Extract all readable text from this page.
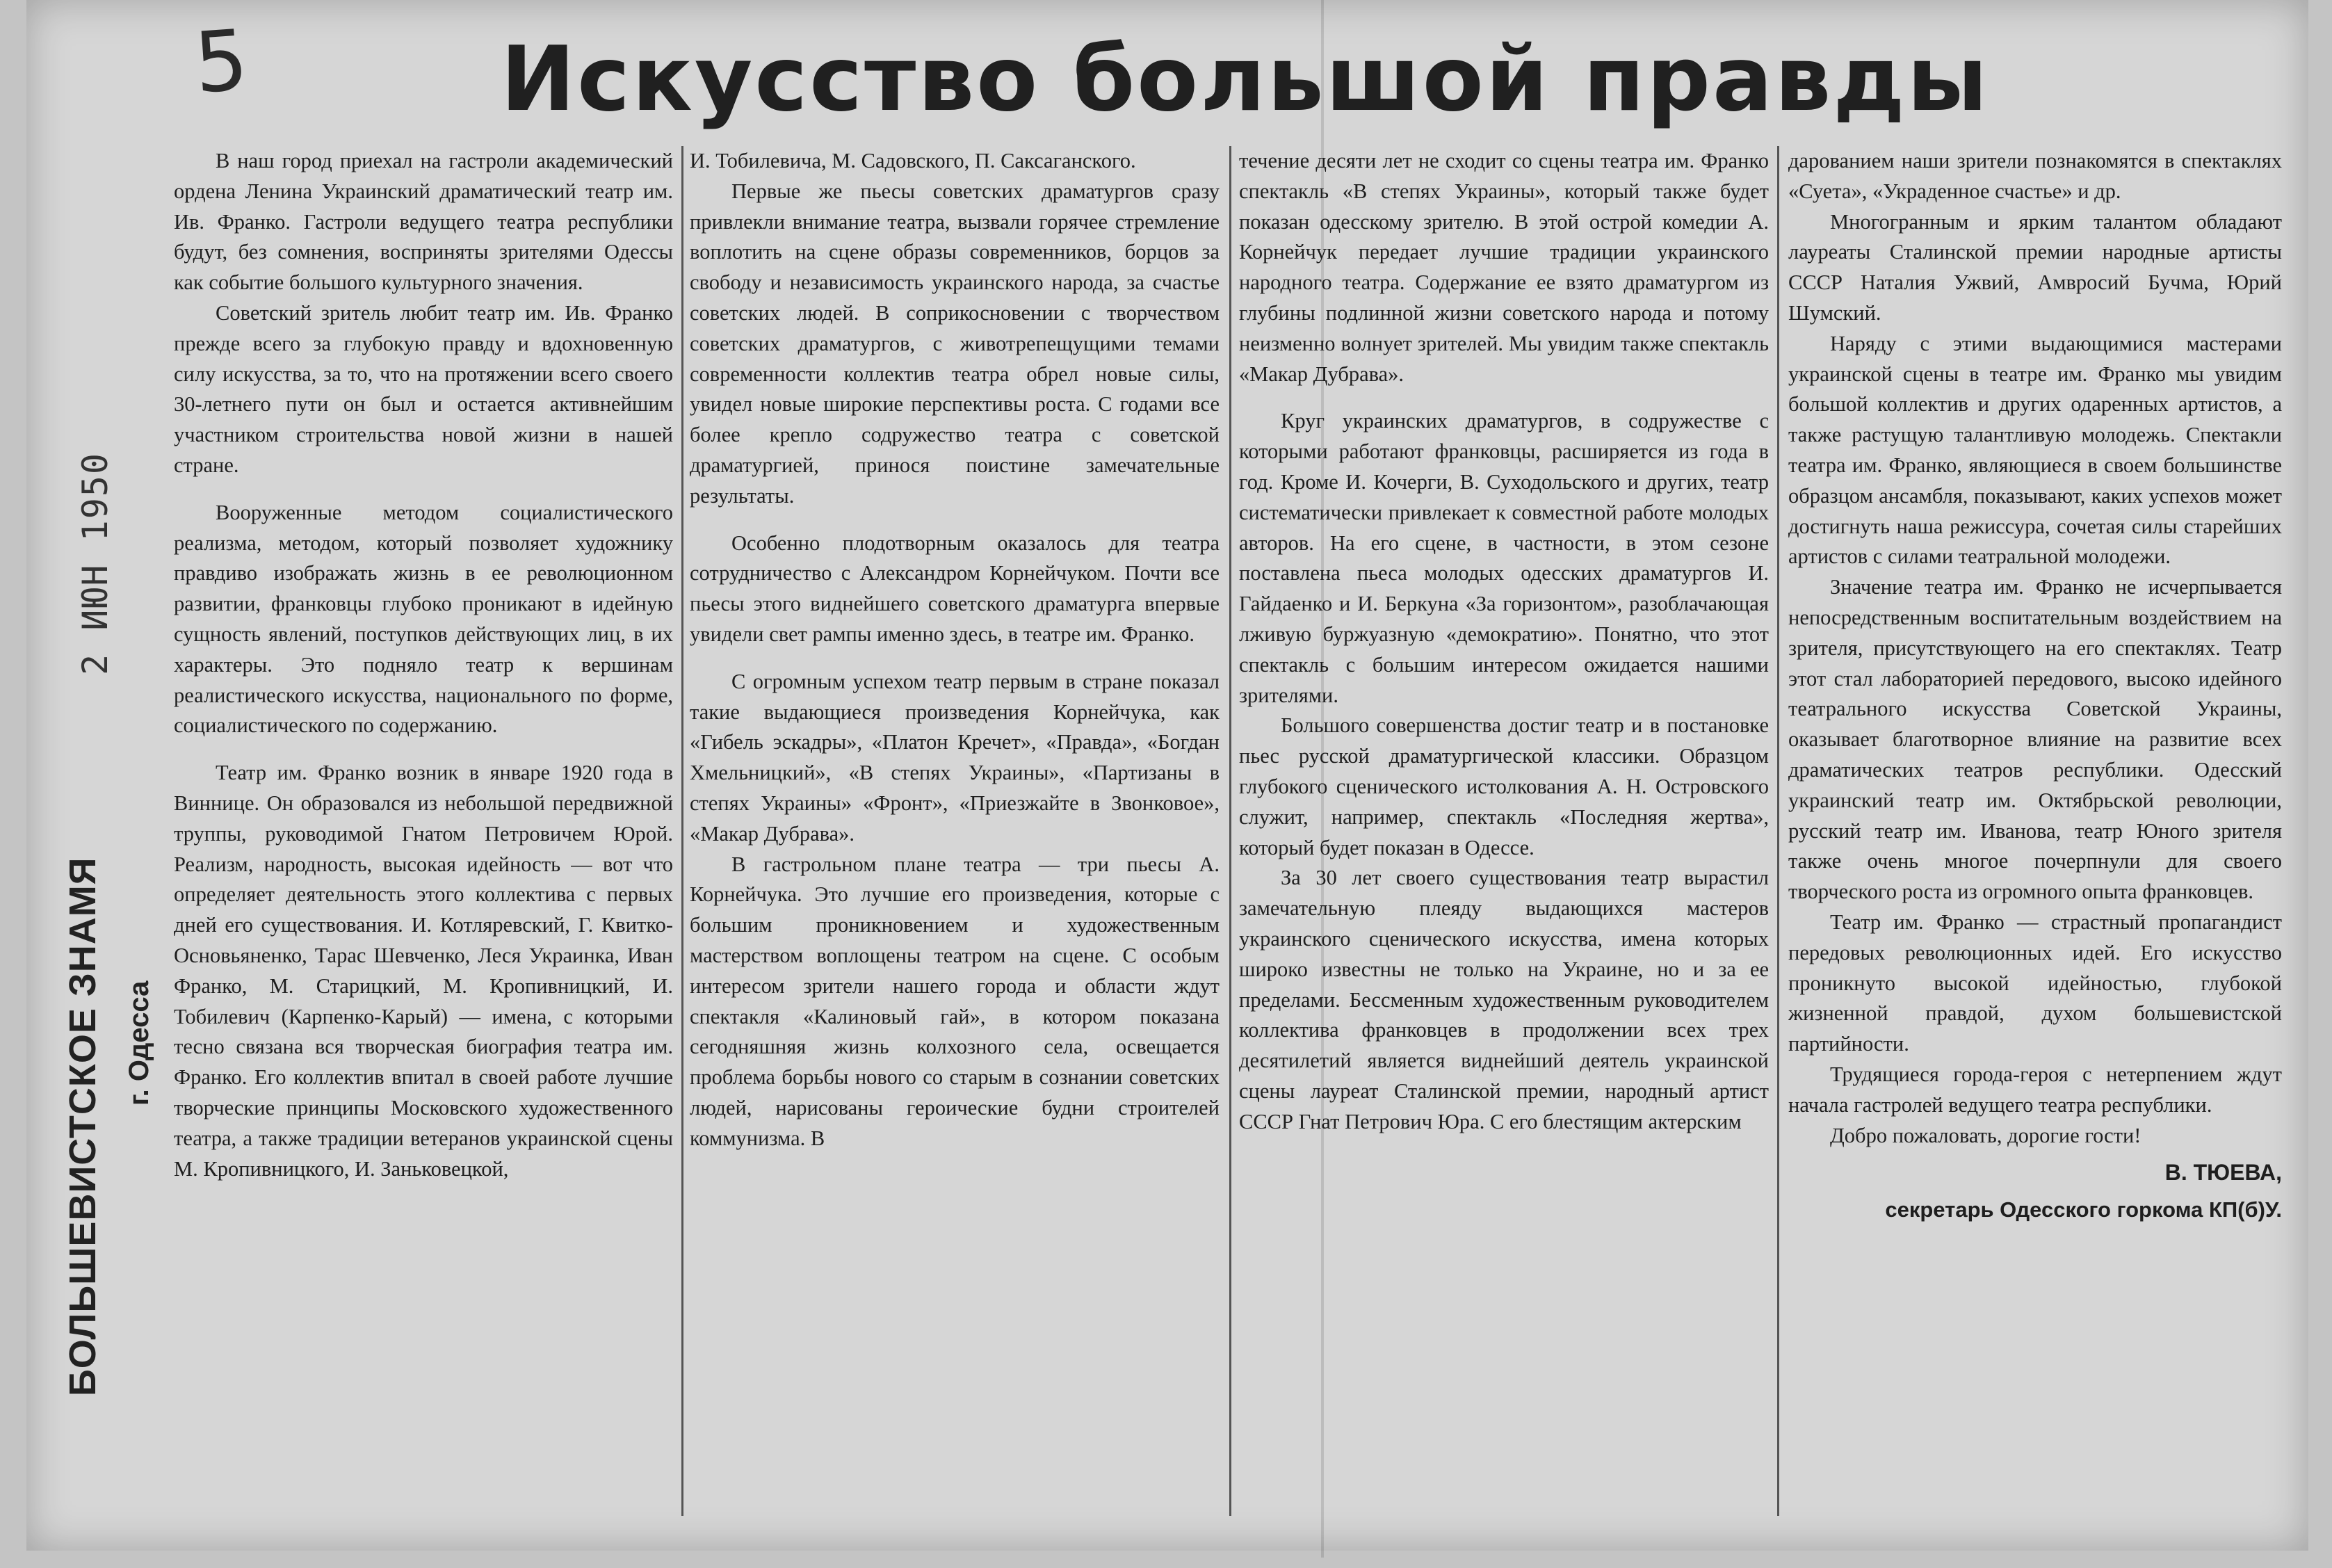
5	Искусство большой правды
2 ИЮН 1950
БОЛЬШЕВИСТСКОЕ ЗНАМЯ г. Одесса

В наш город приехал на гастроли академический ордена Ленина Украинский драматический театр им. Ив. Франко. Гастроли ведущего театра республики будут, без сомнения, восприняты зрителями Одессы как событие большого культурного значения.

Советский зритель любит театр им. Ив. Франко прежде всего за глубокую правду и вдохновенную силу искусства, за то, что на протяжении всего своего 30-летнего пути он был и остается активнейшим участником строительства новой жизни в нашей стране.

Вооруженные методом социалистического реализма, методом, который позволяет художнику правдиво изображать жизнь в ее революционном развитии, франковцы глубоко проникают в идейную сущность явлений, поступков действующих лиц, в их характеры. Это подняло театр к вершинам реалистического искусства, национального по форме, социалистического по содержанию.

Театр им. Франко возник в январе 1920 года в Виннице. Он образовался из небольшой передвижной труппы, руководимой Гнатом Петровичем Юрой. Реализм, народность, высокая идейность — вот что определяет деятельность этого коллектива с первых дней его существования. И. Котляревский, Г. Квитко-Основьяненко, Тарас Шевченко, Леся Украинка, Иван Франко, М. Старицкий, М. Кропивницкий, И. Тобилевич (Карпенко-Карый) — имена, с которыми тесно связана вся творческая биография театра им. Франко. Его коллектив впитал в своей работе лучшие творческие принципы Московского художественного театра, а также традиции ветеранов украинской сцены М. Кропивницкого, И. Заньковецкой,

И. Тобилевича, М. Садовского, П. Саксаганского.

Первые же пьесы советских драматургов сразу привлекли внимание театра, вызвали горячее стремление воплотить на сцене образы современников, борцов за свободу и независимость украинского народа, за счастье советских людей. В соприкосновении с творчеством советских драматургов, с животрепещущими темами современности коллектив театра обрел новые силы, увидел новые широкие перспективы роста. С годами все более крепло содружество театра с советской драматургией, принося поистине замечательные результаты.

Особенно плодотворным оказалось для театра сотрудничество с Александром Корнейчуком. Почти все пьесы этого виднейшего советского драматурга впервые увидели свет рампы именно здесь, в театре им. Франко.

С огромным успехом театр первым в стране показал такие выдающиеся произведения Корнейчука, как «Гибель эскадры», «Платон Кречет», «Правда», «Богдан Хмельницкий», «В степях Украины», «Партизаны в степях Украины» «Фронт», «Приезжайте в Звонковое», «Макар Дубрава».

В гастрольном плане театра — три пьесы А. Корнейчука. Это лучшие его произведения, которые с большим проникновением и художественным мастерством воплощены театром на сцене. С особым интересом зрители нашего города и области ждут спектакля «Калиновый гай», в котором показана сегодняшняя жизнь колхозного села, освещается проблема борьбы нового со старым в сознании советских людей, нарисованы героические будни строителей коммунизма. В

течение десяти лет не сходит со сцены театра им. Франко спектакль «В степях Украины», который также будет показан одесскому зрителю. В этой острой комедии А. Корнейчук передает лучшие традиции украинского народного театра. Содержание ее взято драматургом из глубины подлинной жизни советского народа и потому неизменно волнует зрителей. Мы увидим также спектакль «Макар Дубрава».

Круг украинских драматургов, в содружестве с которыми работают франковцы, расширяется из года в год. Кроме И. Кочерги, В. Суходольского и других, театр систематически привлекает к совместной работе молодых авторов. На его сцене, в частности, в этом сезоне поставлена пьеса молодых одесских драматургов И. Гайдаенко и И. Беркуна «За горизонтом», разоблачающая лживую буржуазную «демократию». Понятно, что этот спектакль с большим интересом ожидается нашими зрителями.

Большого совершенства достиг театр и в постановке пьес русской драматургической классики. Образцом глубокого сценического истолкования А. Н. Островского служит, например, спектакль «Последняя жертва», который будет показан в Одессе.

За 30 лет своего существования театр вырастил замечательную плеяду выдающихся мастеров украинского сценического искусства, имена которых широко известны не только на Украине, но и за ее пределами. Бессменным художественным руководителем коллектива франковцев в продолжении всех трех десятилетий является виднейший деятель украинской сцены лауреат Сталинской премии, народный артист СССР Гнат Петрович Юра. С его блестящим актерским

дарованием наши зрители познакомятся в спектаклях «Суета», «Украденное счастье» и др.

Многогранным и ярким талантом обладают лауреаты Сталинской премии народные артисты СССР Наталия Ужвий, Амвросий Бучма, Юрий Шумский.

Наряду с этими выдающимися мастерами украинской сцены в театре им. Франко мы увидим большой коллектив и других одаренных артистов, а также растущую талантливую молодежь. Спектакли театра им. Франко, являющиеся в своем большинстве образцом ансамбля, показывают, каких успехов может достигнуть наша режиссура, сочетая силы старейших артистов с силами театральной молодежи.

Значение театра им. Франко не исчерпывается непосредственным воспитательным воздействием на зрителя, присутствующего на его спектаклях. Театр этот стал лабораторией передового, высоко идейного театрального искусства Советской Украины, оказывает благотворное влияние на развитие всех драматических театров республики. Одесский украинский театр им. Октябрьской революции, русский театр им. Иванова, театр Юного зрителя также очень многое почерпнули для своего творческого роста из огромного опыта франковцев.

Театр им. Франко — страстный пропагандист передовых революционных идей. Его искусство проникнуто высокой идейностью, глубокой жизненной правдой, духом большевистской партийности.

Трудящиеся города-героя с нетерпением ждут начала гастролей ведущего театра республики.

Добро пожаловать, дорогие гости!

В. ТЮЕВА,
секретарь Одесского горкома КП(б)У.
